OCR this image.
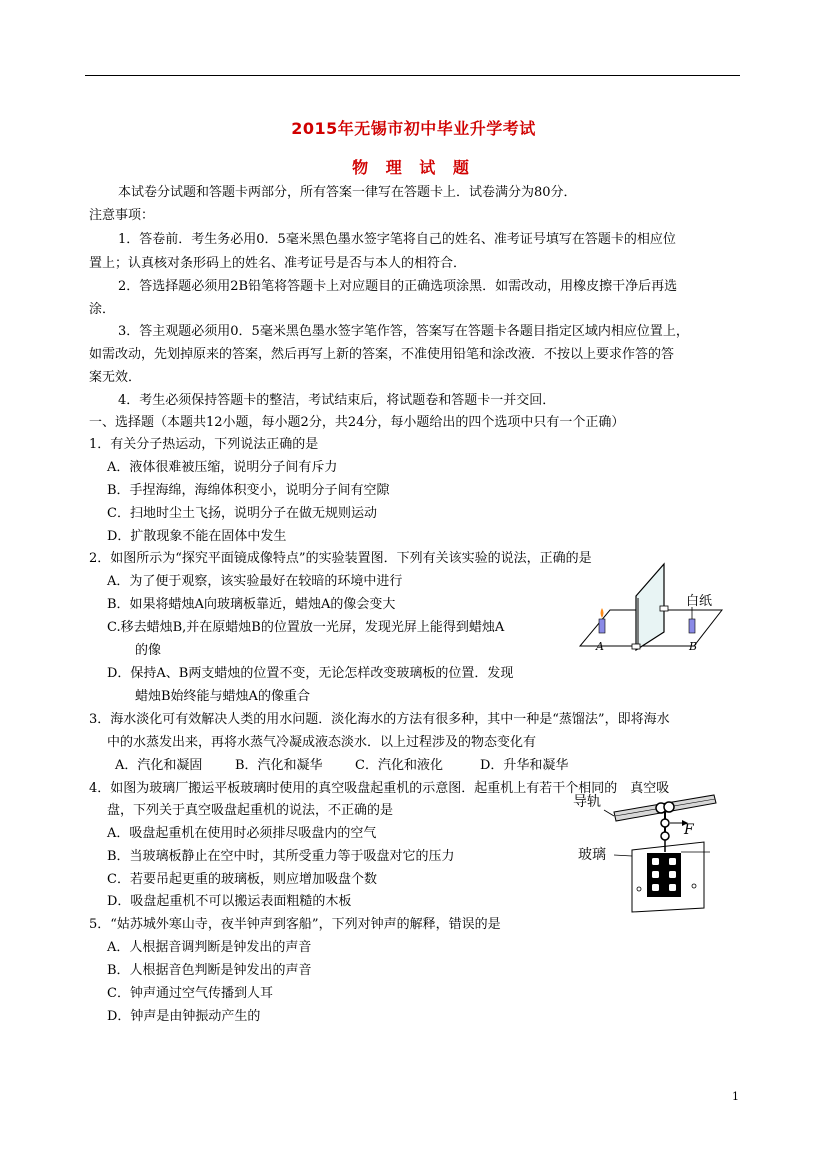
2015年无锡市初中毕业升学考试
物 理 试 题
本试卷分试题和答题卡两部分，所有答案一律写在答题卡上．试卷满分为80分．
注意事项：
1．答卷前．考生务必用0．5毫米黑色墨水签字笔将自己的姓名、准考证号填写在答题卡的相应位
置上；认真核对条形码上的姓名、准考证号是否与本人的相符合．
2．答选择题必须用2B铅笔将答题卡上对应题目的正确选项涂黑．如需改动，用橡皮擦干净后再选
涂．
3．答主观题必须用0．5毫米黑色墨水签字笔作答，答案写在答题卡各题目指定区域内相应位置上，
如需改动，先划掉原来的答案，然后再写上新的答案，不准使用铅笔和涂改液．不按以上要求作答的答
案无效．
4．考生必须保持答题卡的整洁，考试结束后，将试题卷和答题卡一并交回．
一、选择题（本题共12小题，每小题2分，共24分，每小题给出的四个选项中只有一个正确）
1．有关分子热运动，下列说法正确的是
A．液体很难被压缩，说明分子间有斥力
B．手捏海绵，海绵体积变小，说明分子间有空隙
C．扫地时尘土飞扬，说明分子在做无规则运动
D．扩散现象不能在固体中发生
2．如图所示为“探究平面镜成像特点”的实验装置图．下列有关该实验的说法，正确的是
A．为了便于观察，该实验最好在较暗的环境中进行
B．如果将蜡烛A向玻璃板靠近，蜡烛A的像会变大
C.移去蜡烛B,并在原蜡烛B的位置放一光屏，发现光屏上能得到蜡烛A
的像
D．保持A、B两支蜡烛的位置不变，无论怎样改变玻璃板的位置．发现
蜡烛B始终能与蜡烛A的像重合
白纸
A	B
3．海水淡化可有效解决人类的用水问题．淡化海水的方法有很多种，其中一种是“蒸馏法”，即将海水
中的水蒸发出来，再将水蒸气冷凝成液态淡水．以上过程涉及的物态变化有
A．汽化和凝固	B．汽化和凝华 C．汽化和液化	D．升华和凝华
4．如图为玻璃厂搬运平板玻璃时使用的真空吸盘起重机的示意图．起重机上有若干个相同的　真空吸
盘，下列关于真空吸盘起重机的说法，不正确的是
A．吸盘起重机在使用时必须排尽吸盘内的空气
B．当玻璃板静止在空中时，其所受重力等于吸盘对它的压力
C．若要吊起更重的玻璃板，则应增加吸盘个数
D．吸盘起重机不可以搬运表面粗糙的木板
导轨
F
玻璃
5．“姑苏城外寒山寺，夜半钟声到客船”，下列对钟声的解释，错误的是
A．人根据音调判断是钟发出的声音
B．人根据音色判断是钟发出的声音
C．钟声通过空气传播到人耳
D．钟声是由钟振动产生的
1
